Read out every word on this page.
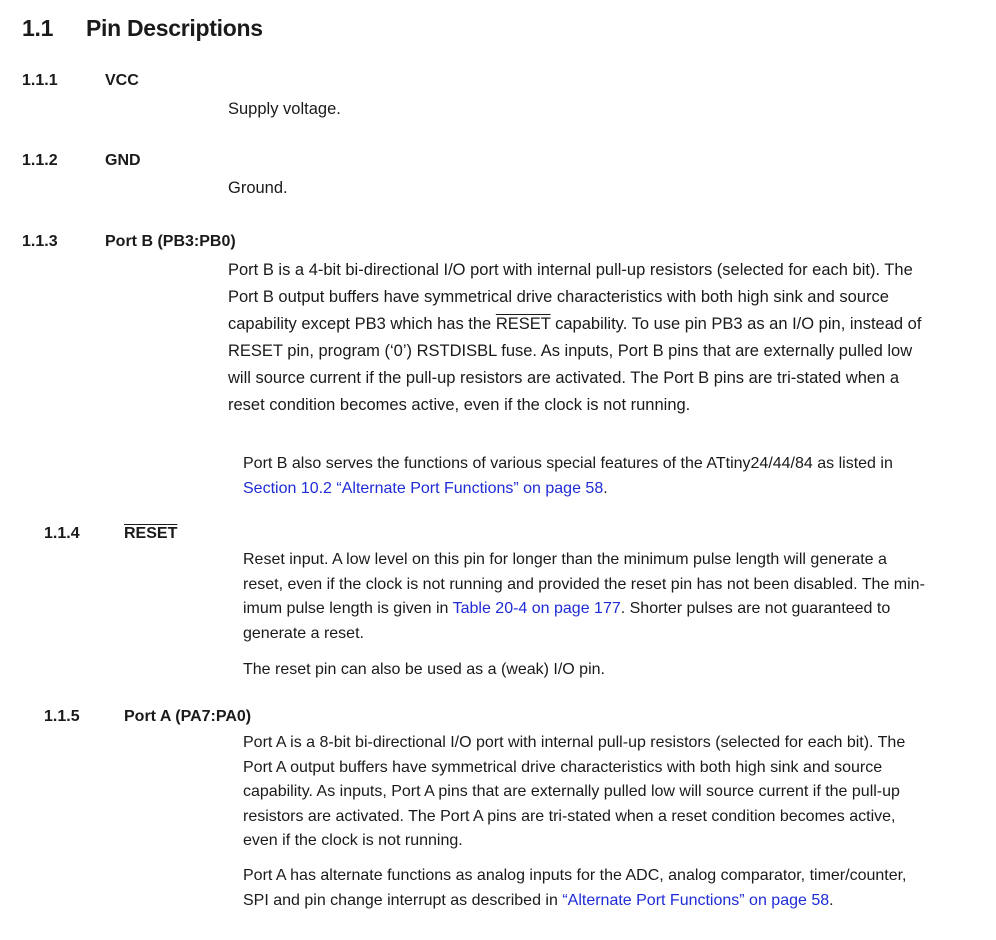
1.1 Pin Descriptions
1.1.1	VCC
Supply voltage.
1.1.2	GND
Ground.
1.1.3	Port B (PB3:PB0)
Port B is a 4-bit bi-directional I/O port with internal pull-up resistors (selected for each bit). The
Port B output buffers have symmetrical drive characteristics with both high sink and source
capability except PB3 which has the RESET capability. To use pin PB3 as an I/O pin, instead of
RESET pin, program (‘0’) RSTDISBL fuse. As inputs, Port B pins that are externally pulled low
will source current if the pull-up resistors are activated. The Port B pins are tri-stated when a
reset condition becomes active, even if the clock is not running.
Port B also serves the functions of various special features of the ATtiny24/44/84 as listed in
Section 10.2 “Alternate Port Functions” on page 58.
1.1.4	RESET
Reset input. A low level on this pin for longer than the minimum pulse length will generate a
reset, even if the clock is not running and provided the reset pin has not been disabled. The min-
imum pulse length is given in Table 20-4 on page 177. Shorter pulses are not guaranteed to
generate a reset.
The reset pin can also be used as a (weak) I/O pin.
1.1.5	Port A (PA7:PA0)
Port A is a 8-bit bi-directional I/O port with internal pull-up resistors (selected for each bit). The
Port A output buffers have symmetrical drive characteristics with both high sink and source
capability. As inputs, Port A pins that are externally pulled low will source current if the pull-up
resistors are activated. The Port A pins are tri-stated when a reset condition becomes active,
even if the clock is not running.
Port A has alternate functions as analog inputs for the ADC, analog comparator, timer/counter,
SPI and pin change interrupt as described in “Alternate Port Functions” on page 58.
